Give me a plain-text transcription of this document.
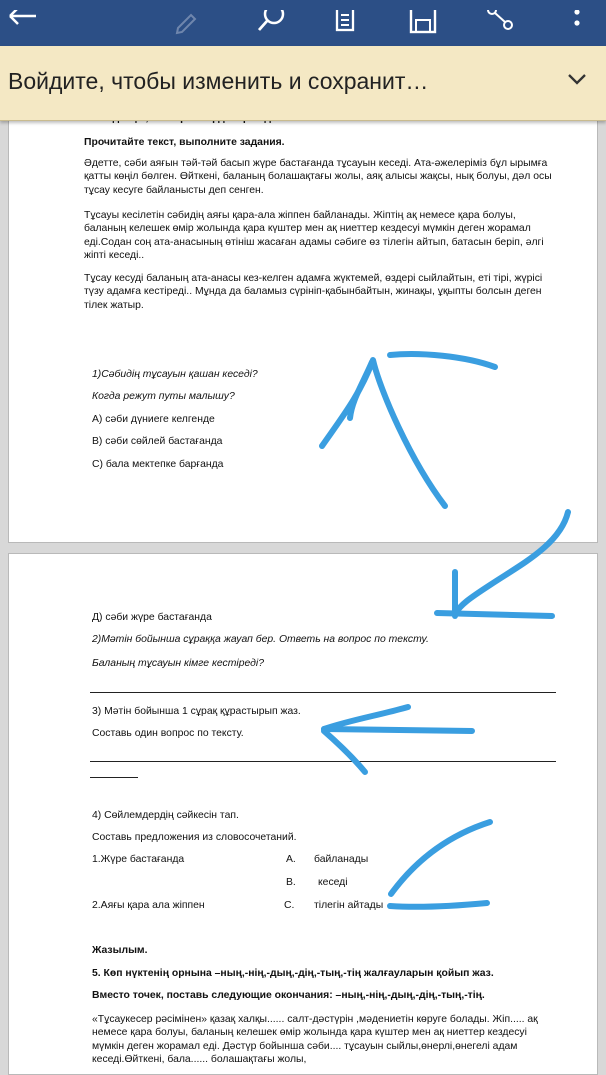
Войдите, чтобы изменить и сохранит…

Прочитайте текст, выполните задания.

Әдетте, сәби аяғын тәй-тәй басып жүре бастағанда тұсауын кеседі. Ата-әжелеріміз бұл ырымға қатты көңіл бөлген. Өйткені, баланың болашақтағы жолы, аяқ алысы жақсы, нық болуы, дәл осы тұсау кесуге байланысты деп сенген.

Тұсауы кесілетін сәбидің аяғы қара-ала жіппен байланады. Жіптің ақ немесе қара болуы, баланың келешек өмір жолында қара күштер мен ақ ниеттер кездесуі мүмкін деген жорамал еді.Содан соң ата-анасының өтініш жасаған адамы сәбиге өз тілегін айтып, батасын беріп, әлгі жіпті кеседі..

Тұсау кесуді баланың ата-анасы кез-келген адамға жүктемей, өздері сыйлайтын, еті тірі, жүрісі түзу адамға кестіреді.. Мұнда да баламыз сүрініп-қабынбайтын, жинақы, ұқыпты болсын деген тілек жатыр.

1)Сәбидің тұсауын қашан кеседі?
Когда режут путы малышу?
А) сәби дүниеге келгенде
В) сәби сөйлей бастағанда
С) бала мектепке барғанда
Д) сәби жүре бастағанда
2)Мәтін бойынша сұраққа жауап бер. Ответь на вопрос по тексту.
Баланың тұсауын кімге кестіреді?
3) Мәтін бойынша 1 сұрақ құрастырып жаз.
Составь один вопрос по тексту.
4) Сөйлемдердің сәйкесін тап.
Составь предложения из словосочетаний.
1.Жүре бастағанда	А. байланады
В. кеседі
2.Аяғы қара ала жіппен	С. тілегін айтады
Жазылым.
5. Көп нүктенің орнына –ның,-нің,-дың,-дің,-тың,-тің жалғауларын қойып жаз.
Вместо точек, поставь следующие окончания: –ның,-нің,-дың,-дің,-тың,-тің.
«Тұсаукесер рәсімінен» қазақ халқы...... салт-дәстүрін ,мәдениетін көруге болады. Жіп..... ақ немесе қара болуы, баланың келешек өмір жолында қара күштер мен ақ ниеттер кездесуі мүмкін деген жорамал еді. Дәстүр бойынша сәби.... тұсауын сыйлы,өнерлі,өнегелі адам кеседі.Өйткені, бала...... болашақтағы жолы,
